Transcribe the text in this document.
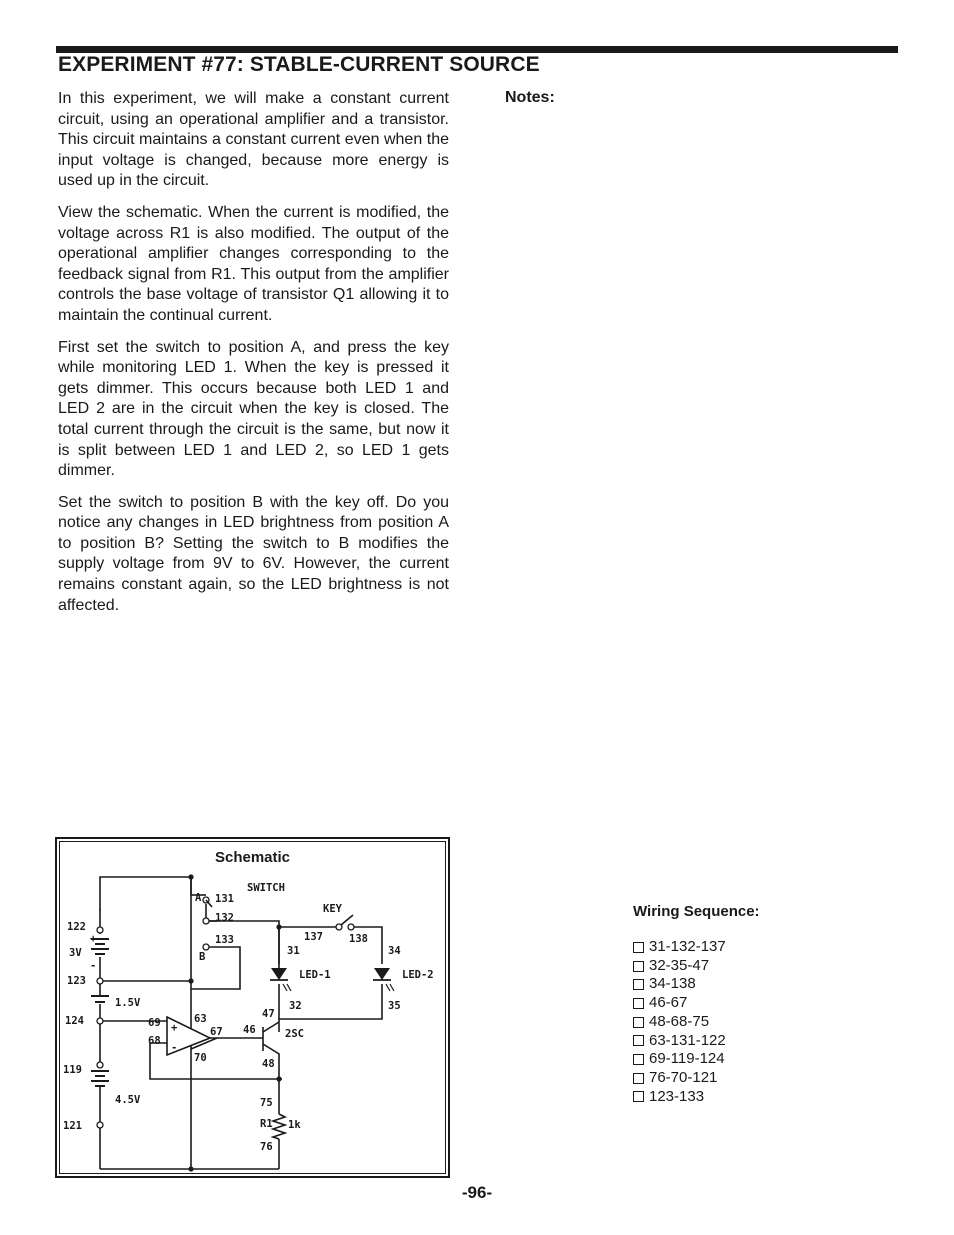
EXPERIMENT #77: STABLE-CURRENT SOURCE

In this experiment, we will make a constant current circuit, using an operational amplifier and a transistor. This circuit maintains a constant current even when the input voltage is changed, because more energy is used up in the circuit.

View the schematic. When the current is modified, the voltage across R1 is also modified. The output of the operational amplifier changes corresponding to the feedback signal from R1. This output from the amplifier controls the base voltage of transistor Q1 allowing it to maintain the continual current.

First set the switch to position A, and press the key while monitoring LED 1. When the key is pressed it gets dimmer. This occurs because both LED 1 and LED 2 are in the circuit when the key is closed. The total current through the circuit is the same, but now it is split between LED 1 and LED 2, so LED 1 gets dimmer.

Set the switch to position B with the key off. Do you notice any changes in LED brightness from position A to position B? Setting the switch to B modifies the supply voltage from 9V to 6V. However, the current remains constant again, so the LED brightness is not affected.

Notes:
Schematic
SWITCH
A 131
132
133
B
KEY
137 138
31	34
LED-1	LED-2
32	35
47
46	2SC
48
63
67
69
68
70
+
-
75
R1 1k
76
122
3V
+
-
123
1.5V
124
119
4.5V
121
Wiring Sequence:
31-132-137
32-35-47
34-138
46-67
48-68-75
63-131-122
69-119-124
76-70-121
123-133
-96-
